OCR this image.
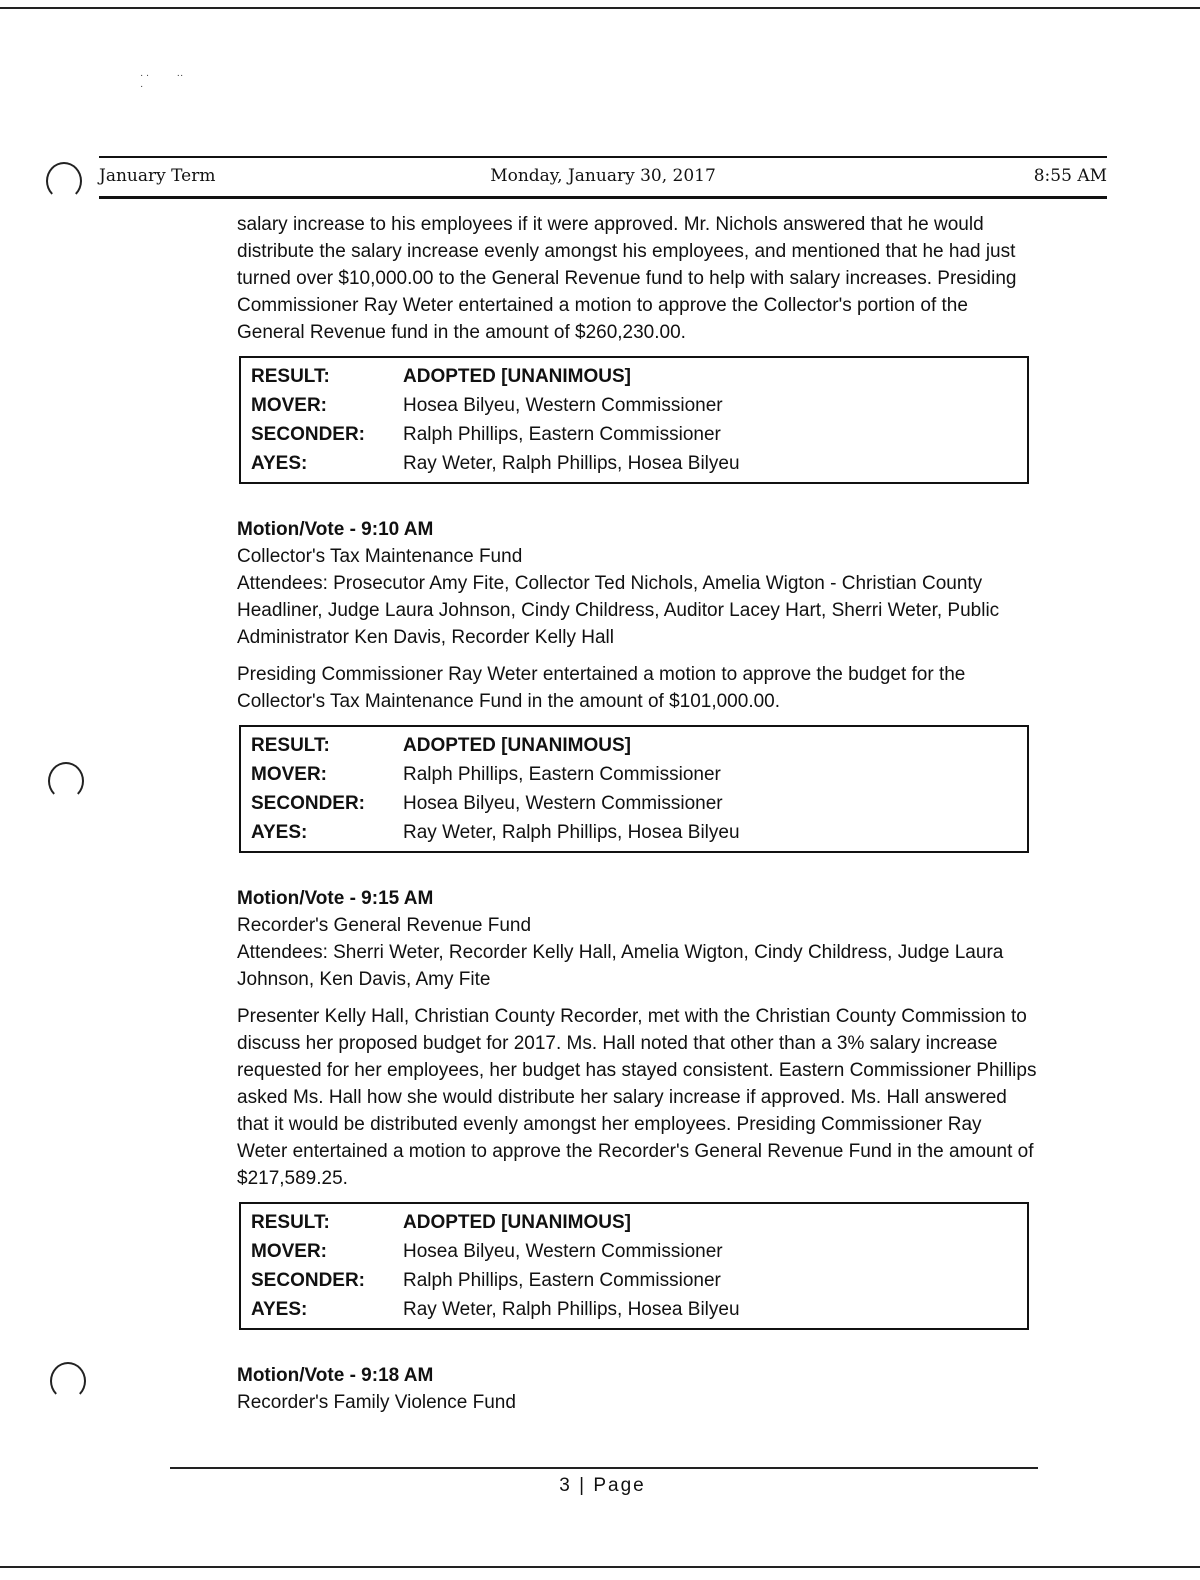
· ∙          ··
·
January Term	Monday, January 30, 2017	8:55 AM

salary increase to his employees if it were approved. Mr. Nichols answered that he would distribute the salary increase evenly amongst his employees, and mentioned that he had just turned over $10,000.00 to the General Revenue fund to help with salary increases. Presiding Commissioner Ray Weter entertained a motion to approve the Collector's portion of the General Revenue fund in the amount of $260,230.00.

RESULT:	ADOPTED [UNANIMOUS]
MOVER:	Hosea Bilyeu, Western Commissioner
SECONDER:	Ralph Phillips, Eastern Commissioner
AYES:	Ray Weter, Ralph Phillips, Hosea Bilyeu

Motion/Vote - 9:10 AM

Collector's Tax Maintenance Fund

Attendees: Prosecutor Amy Fite, Collector Ted Nichols, Amelia Wigton - Christian County Headliner, Judge Laura Johnson, Cindy Childress, Auditor Lacey Hart, Sherri Weter, Public Administrator Ken Davis, Recorder Kelly Hall

Presiding Commissioner Ray Weter entertained a motion to approve the budget for the Collector's Tax Maintenance Fund in the amount of $101,000.00.

RESULT:	ADOPTED [UNANIMOUS]
MOVER:	Ralph Phillips, Eastern Commissioner
SECONDER:	Hosea Bilyeu, Western Commissioner
AYES:	Ray Weter, Ralph Phillips, Hosea Bilyeu

Motion/Vote - 9:15 AM

Recorder's General Revenue Fund

Attendees: Sherri Weter, Recorder Kelly Hall, Amelia Wigton, Cindy Childress, Judge Laura Johnson, Ken Davis, Amy Fite

Presenter Kelly Hall, Christian County Recorder, met with the Christian County Commission to discuss her proposed budget for 2017. Ms. Hall noted that other than a 3% salary increase requested for her employees, her budget has stayed consistent. Eastern Commissioner Phillips asked Ms. Hall how she would distribute her salary increase if approved. Ms. Hall answered that it would be distributed evenly amongst her employees. Presiding Commissioner Ray Weter entertained a motion to approve the Recorder's General Revenue Fund in the amount of $217,589.25.

RESULT:	ADOPTED [UNANIMOUS]
MOVER:	Hosea Bilyeu, Western Commissioner
SECONDER:	Ralph Phillips, Eastern Commissioner
AYES:	Ray Weter, Ralph Phillips, Hosea Bilyeu

Motion/Vote - 9:18 AM

Recorder's Family Violence Fund

3 | Page
